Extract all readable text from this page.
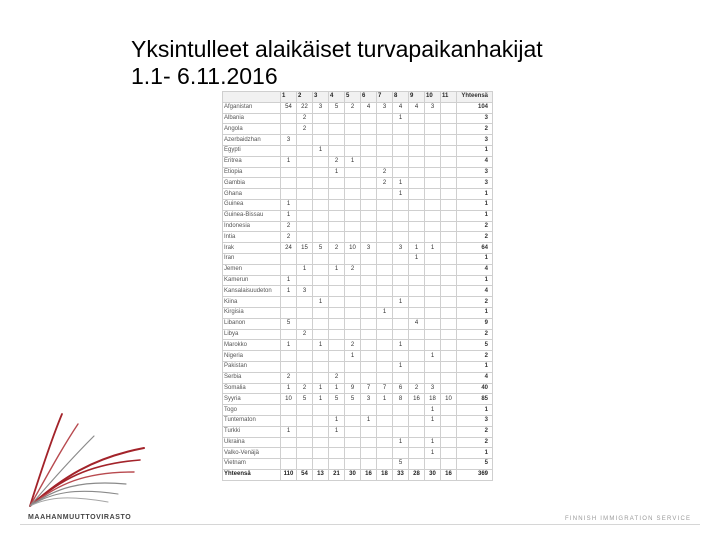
Yksintulleet alaikäiset turvapaikanhakijat
1.1- 6.11.2016
	1	2	3	4	5	6	7	8	9	10	11	Yhteensä
Afganistan	54	22	3	5	2	4	3	4	4	3		104
Albania		2						1				3
Angola		2										2
Azerbaidzhan	3											3
Egypti			1									1
Eritrea	1			2	1							4
Etiopia				1			2					3
Gambia							2	1				3
Ghana								1				1
Guinea	1											1
Guinea-Bissau	1											1
Indonesia	2											2
Intia	2											2
Irak	24	15	5	2	10	3		3	1	1		64
Iran									1			1
Jemen		1		1	2							4
Kamerun	1											1
Kansalaisuudeton	1	3										4
Kiina			1					1				2
Kirgisia							1					1
Libanon	5								4			9
Libya		2										2
Marokko	1		1		2			1				5
Nigeria					1					1		2
Pakistan								1				1
Serbia	2			2								4
Somalia	1	2	1	1	9	7	7	6	2	3		40
Syyria	10	5	1	5	5	3	1	8	16	18	10	85
Togo										1		1
Tuntematon				1		1				1		3
Turkki	1			1								2
Ukraina								1		1		2
Valko-Venäjä										1		1
Vietnam								5				5
Yhteensä	110	54	13	21	30	16	18	33	28	30	16	369
MAAHANMUUTTOVIRASTO	FINNISH IMMIGRATION SERVICE
